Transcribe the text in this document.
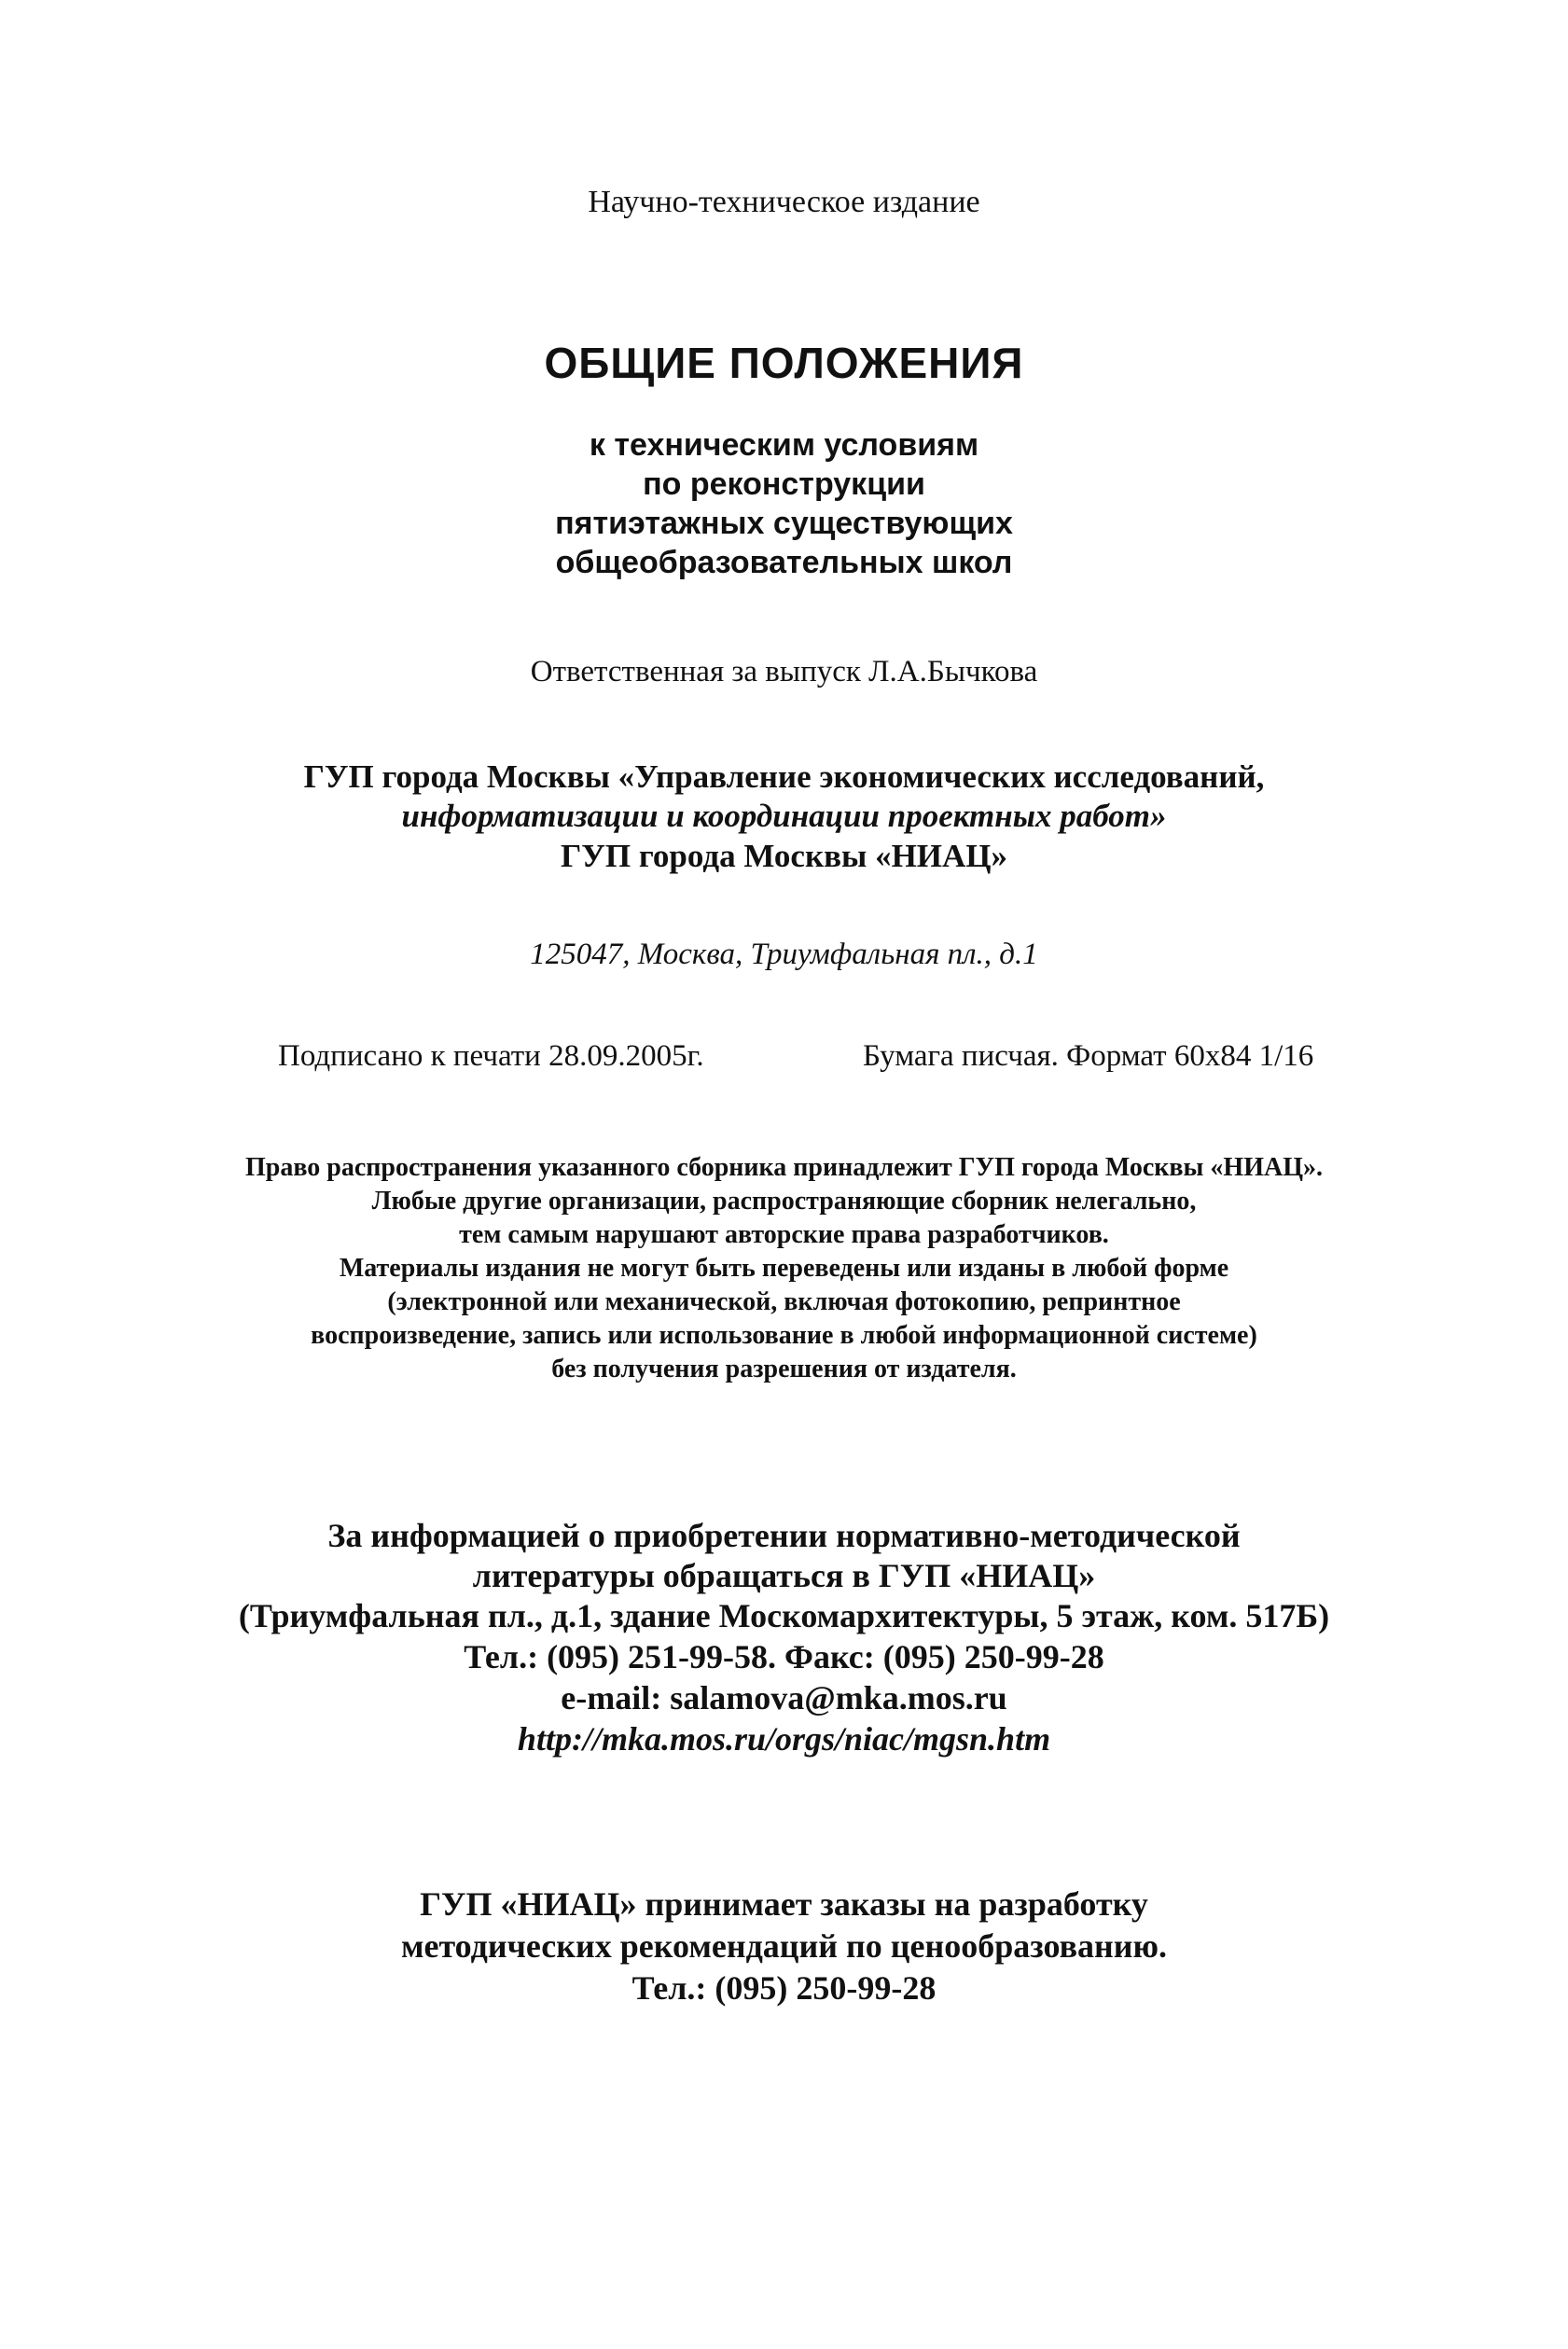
Научно-техническое издание
ОБЩИЕ ПОЛОЖЕНИЯ
к техническим условиям
по реконструкции
пятиэтажных существующих
общеобразовательных школ
Ответственная за выпуск Л.А.Бычкова
ГУП города Москвы «Управление экономических исследований,
информатизации и координации проектных работ»
ГУП города Москвы «НИАЦ»
125047, Москва, Триумфальная пл., д.1
Подписано к печати 28.09.2005г.	Бумага писчая. Формат 60x84 1/16
Право распространения указанного сборника принадлежит ГУП города Москвы «НИАЦ».
Любые другие организации, распространяющие сборник нелегально,
тем самым нарушают авторские права разработчиков.
Материалы издания не могут быть переведены или изданы в любой форме
(электронной или механической, включая фотокопию, репринтное
воспроизведение, запись или использование в любой информационной системе)
без получения разрешения от издателя.
За информацией о приобретении нормативно-методической
литературы обращаться в ГУП «НИАЦ»
(Триумфальная пл., д.1, здание Москомархитектуры, 5 этаж, ком. 517Б)
Тел.: (095) 251-99-58. Факс: (095) 250-99-28
e-mail: salamova@mka.mos.ru
http://mka.mos.ru/orgs/niac/mgsn.htm
ГУП «НИАЦ» принимает заказы на разработку
методических рекомендаций по ценообразованию.
Тел.: (095) 250-99-28
